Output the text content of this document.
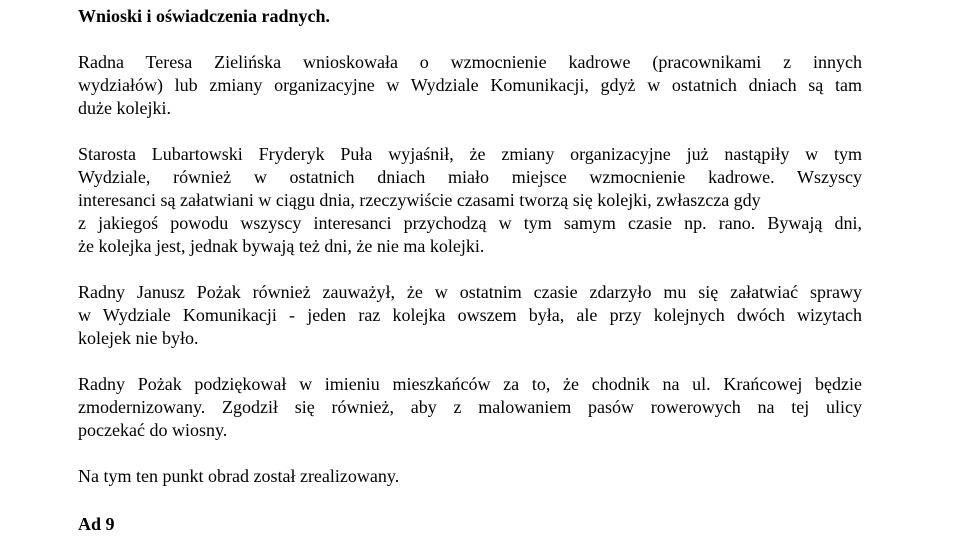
Wnioski i oświadczenia radnych.

Radna Teresa Zielińska wnioskowała o wzmocnienie kadrowe (pracownikami z innych
wydziałów) lub zmiany organizacyjne w Wydziale Komunikacji, gdyż w ostatnich dniach są tam
duże kolejki.
Starosta Lubartowski Fryderyk Puła wyjaśnił, że zmiany organizacyjne już nastąpiły w tym
Wydziale, również w ostatnich dniach miało miejsce wzmocnienie kadrowe. Wszyscy
interesanci są załatwiani w ciągu dnia, rzeczywiście czasami tworzą się kolejki, zwłaszcza gdy
z jakiegoś powodu wszyscy interesanci przychodzą w tym samym czasie np. rano. Bywają dni,
że kolejka jest, jednak bywają też dni, że nie ma kolejki.
Radny Janusz Pożak również zauważył, że w ostatnim czasie zdarzyło mu się załatwiać sprawy
w Wydziale Komunikacji - jeden raz kolejka owszem była, ale przy kolejnych dwóch wizytach
kolejek nie było.
Radny Pożak podziękował w imieniu mieszkańców za to, że chodnik na ul. Krańcowej będzie
zmodernizowany. Zgodził się również, aby z malowaniem pasów rowerowych na tej ulicy
poczekać do wiosny.
Na tym ten punkt obrad został zrealizowany.
Ad 9
